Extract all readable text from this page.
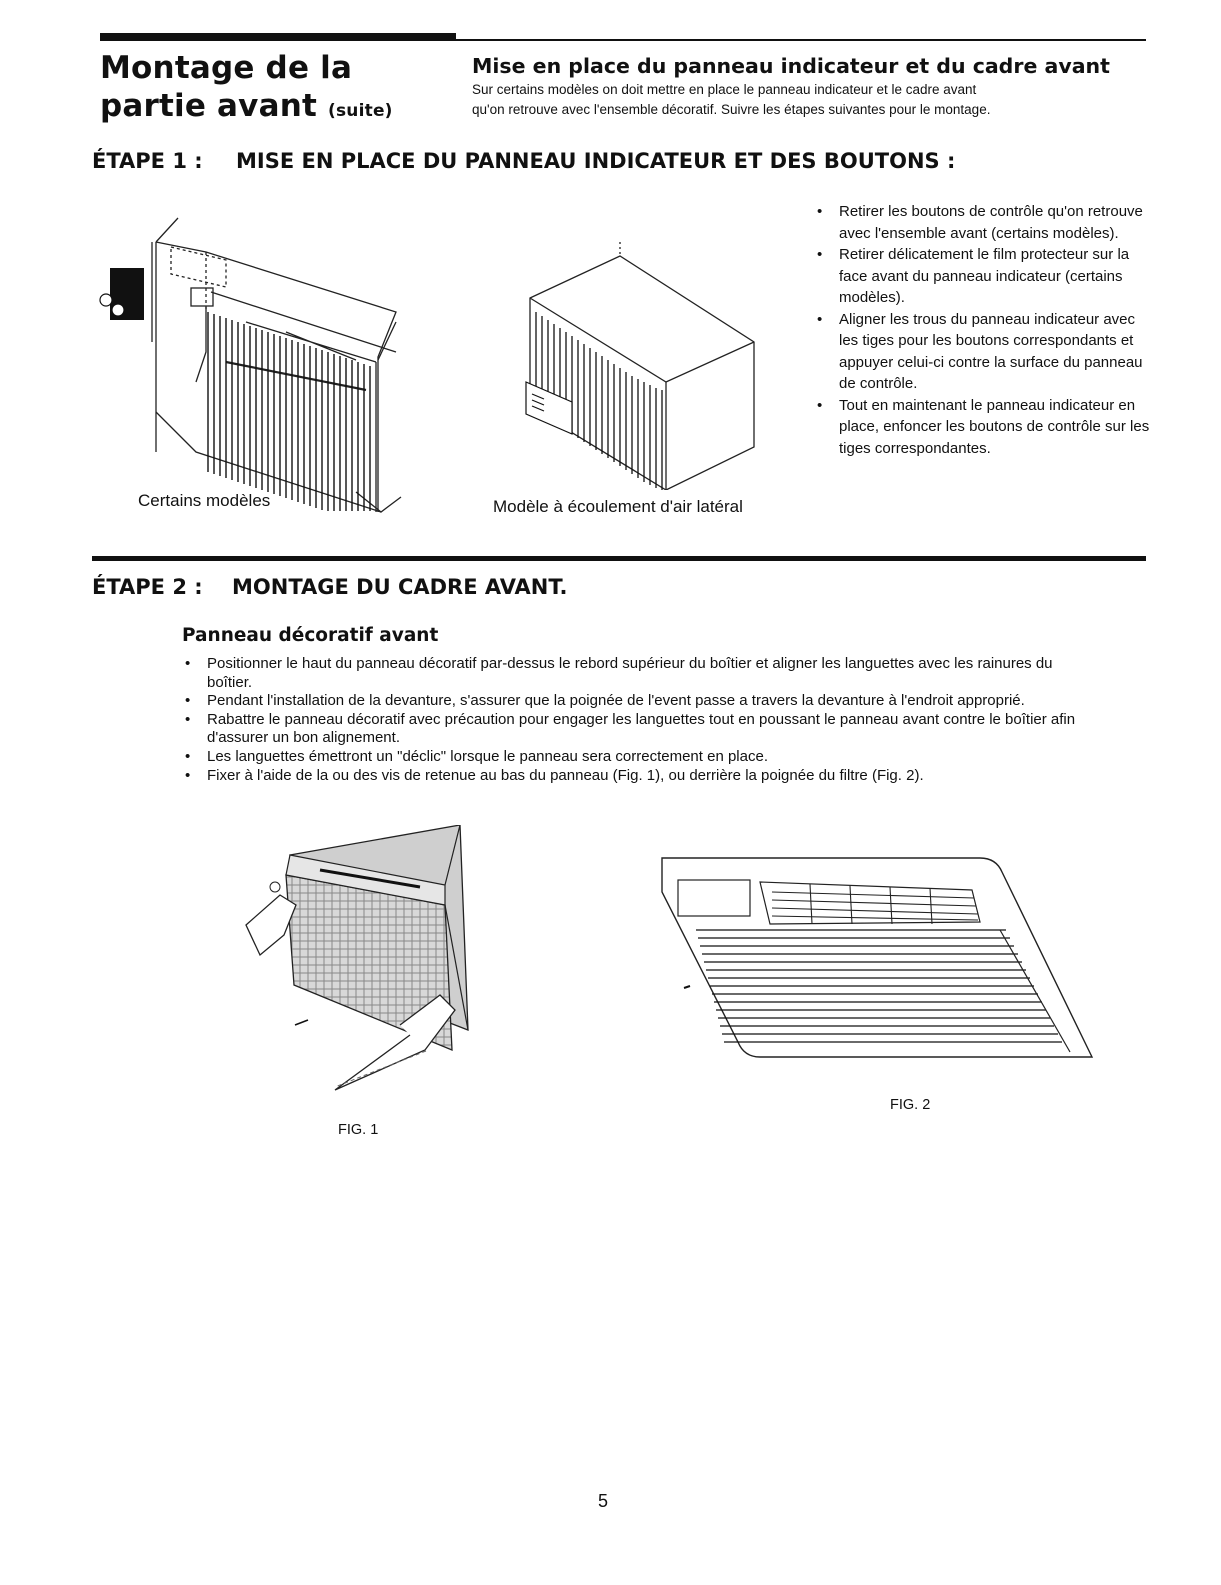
Montage de la
partie avant (suite)
Mise en place du panneau indicateur et du cadre avant
Sur certains modèles on doit mettre en place le panneau indicateur et le cadre avant
qu'on retrouve avec l'ensemble décoratif. Suivre les étapes suivantes pour le montage.
ÉTAPE 1 : MISE EN PLACE DU PANNEAU INDICATEUR ET DES BOUTONS :
Certains modèles	Modèle à écoulement d'air latéral
• Retirer les boutons de contrôle qu'on retrouve avec l'ensemble avant (certains modèles).
• Retirer délicatement le film protecteur sur la face avant du panneau indicateur (certains modèles).
• Aligner les trous du panneau indicateur avec les tiges pour les boutons correspondants et appuyer celui-ci contre la surface du panneau de contrôle.
• Tout en maintenant le panneau indicateur en place, enfoncer les boutons de contrôle sur les tiges correspondantes.
ÉTAPE 2 : MONTAGE DU CADRE AVANT.
Panneau décoratif avant
• Positionner le haut du panneau décoratif par-dessus le rebord supérieur du boîtier et aligner les languettes avec les rainures du boîtier.
• Pendant l'installation de la devanture, s'assurer que la poignée de l'event passe a travers la devanture à l'endroit approprié.
• Rabattre le panneau décoratif avec précaution pour engager les languettes tout en poussant le panneau avant contre le boîtier afin d'assurer un bon alignement.
• Les languettes émettront un "déclic" lorsque le panneau sera correctement en place.
• Fixer à l'aide de la ou des vis de retenue au bas du panneau (Fig. 1), ou derrière la poignée du filtre (Fig. 2).
FIG. 1
FIG. 2
5
